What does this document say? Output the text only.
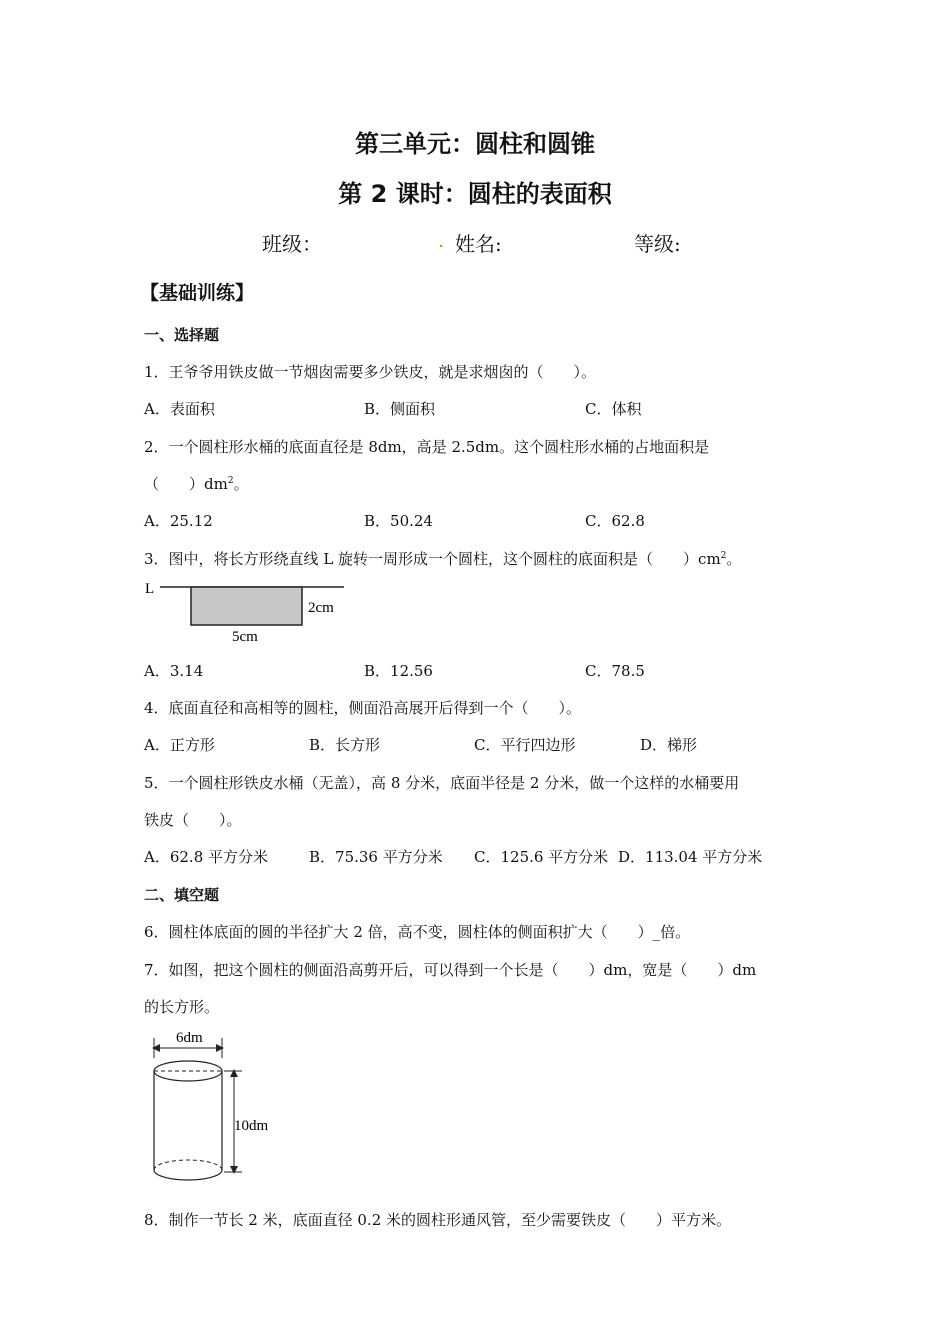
第三单元：圆柱和圆锥
第 2 课时：圆柱的表面积
班级：	. 姓名:	等级:
【基础训练】
一、选择题
1．王爷爷用铁皮做一节烟囱需要多少铁皮，就是求烟囱的（　　）。
A．表面积	B．侧面积	C．体积
2．一个圆柱形水桶的底面直径是 8dm，高是 2.5dm。这个圆柱形水桶的占地面积是
（　　）$dm^2$。
A．25.12	B．50.24	C．62.8
3．图中，将长方形绕直线 L 旋转一周形成一个圆柱，这个圆柱的底面积是（　　）$cm^2$。
L
2cm
5cm
A．3.14	B．12.56	C．78.5
4．底面直径和高相等的圆柱，侧面沿高展开后得到一个（　　）。
A．正方形	B．长方形	C．平行四边形	D．梯形
5．一个圆柱形铁皮水桶（无盖），高 8 分米，底面半径是 2 分米，做一个这样的水桶要用
铁皮（　　）。
A．62.8 平方分米	B．75.36 平方分米 C．125.6 平方分米 D．113.04 平方分米
二、填空题
6．圆柱体底面的圆的半径扩大 2 倍，高不变，圆柱体的侧面积扩大（　　）_倍。
7．如图，把这个圆柱的侧面沿高剪开后，可以得到一个长是（　　）dm，宽是（　　）dm
的长方形。
6dm
10dm
8．制作一节长 2 米，底面直径 0.2 米的圆柱形通风管，至少需要铁皮（　　）平方米。
